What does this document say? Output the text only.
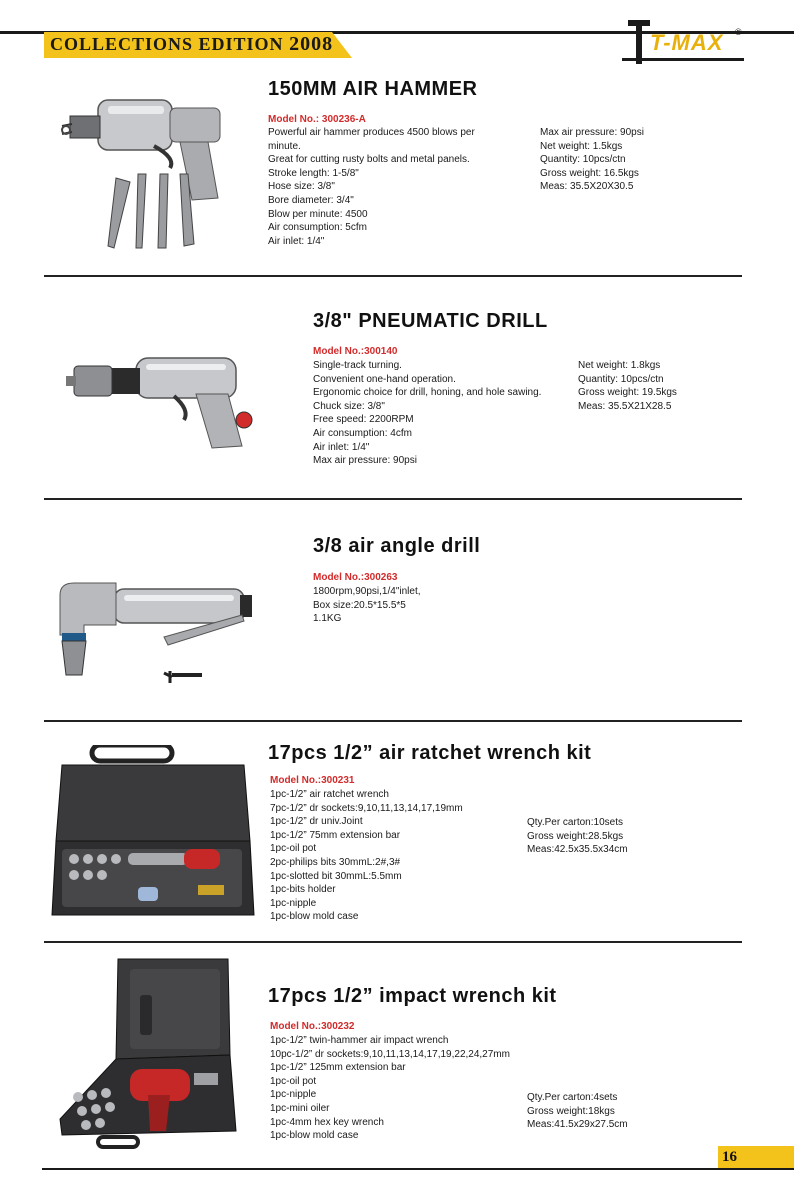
COLLECTIONS EDITION 2008	T-MAX ®
150MM AIR HAMMER
Model No.: 300236-A
Powerful air hammer produces 4500 blows per
minute.
Great for cutting rusty bolts and metal panels.
Stroke length: 1-5/8"
Hose size: 3/8"
Bore diameter: 3/4"
Blow per minute: 4500
Air consumption: 5cfm
Air inlet: 1/4"
Max air pressure: 90psi
Net weight: 1.5kgs
Quantity: 10pcs/ctn
Gross weight: 16.5kgs
Meas: 35.5X20X30.5
3/8" PNEUMATIC DRILL
Model No.:300140
Single-track turning.
Convenient one-hand operation.
Ergonomic choice for drill, honing, and hole sawing.
Chuck size: 3/8"
Free speed: 2200RPM
Air consumption: 4cfm
Air inlet: 1/4"
Max air pressure: 90psi
Net weight: 1.8kgs
Quantity: 10pcs/ctn
Gross weight: 19.5kgs
Meas: 35.5X21X28.5
3/8 air angle drill
Model No.:300263
1800rpm,90psi,1/4"inlet,
Box size:20.5*15.5*5
1.1KG
17pcs 1/2” air ratchet wrench kit
Model No.:300231
1pc-1/2” air ratchet wrench
7pc-1/2” dr sockets:9,10,11,13,14,17,19mm
1pc-1/2” dr univ.Joint
1pc-1/2” 75mm extension bar
1pc-oil pot
2pc-philips bits 30mmL:2#,3#
1pc-slotted bit 30mmL:5.5mm
1pc-bits holder
1pc-nipple
1pc-blow mold case
Qty.Per carton:10sets
Gross weight:28.5kgs
Meas:42.5x35.5x34cm
17pcs 1/2” impact wrench kit
Model No.:300232
1pc-1/2” twin-hammer air impact wrench
10pc-1/2” dr sockets:9,10,11,13,14,17,19,22,24,27mm
1pc-1/2” 125mm extension bar
1pc-oil pot
1pc-nipple
1pc-mini oiler
1pc-4mm hex key wrench
1pc-blow mold case
Qty.Per carton:4sets
Gross weight:18kgs
Meas:41.5x29x27.5cm
16
